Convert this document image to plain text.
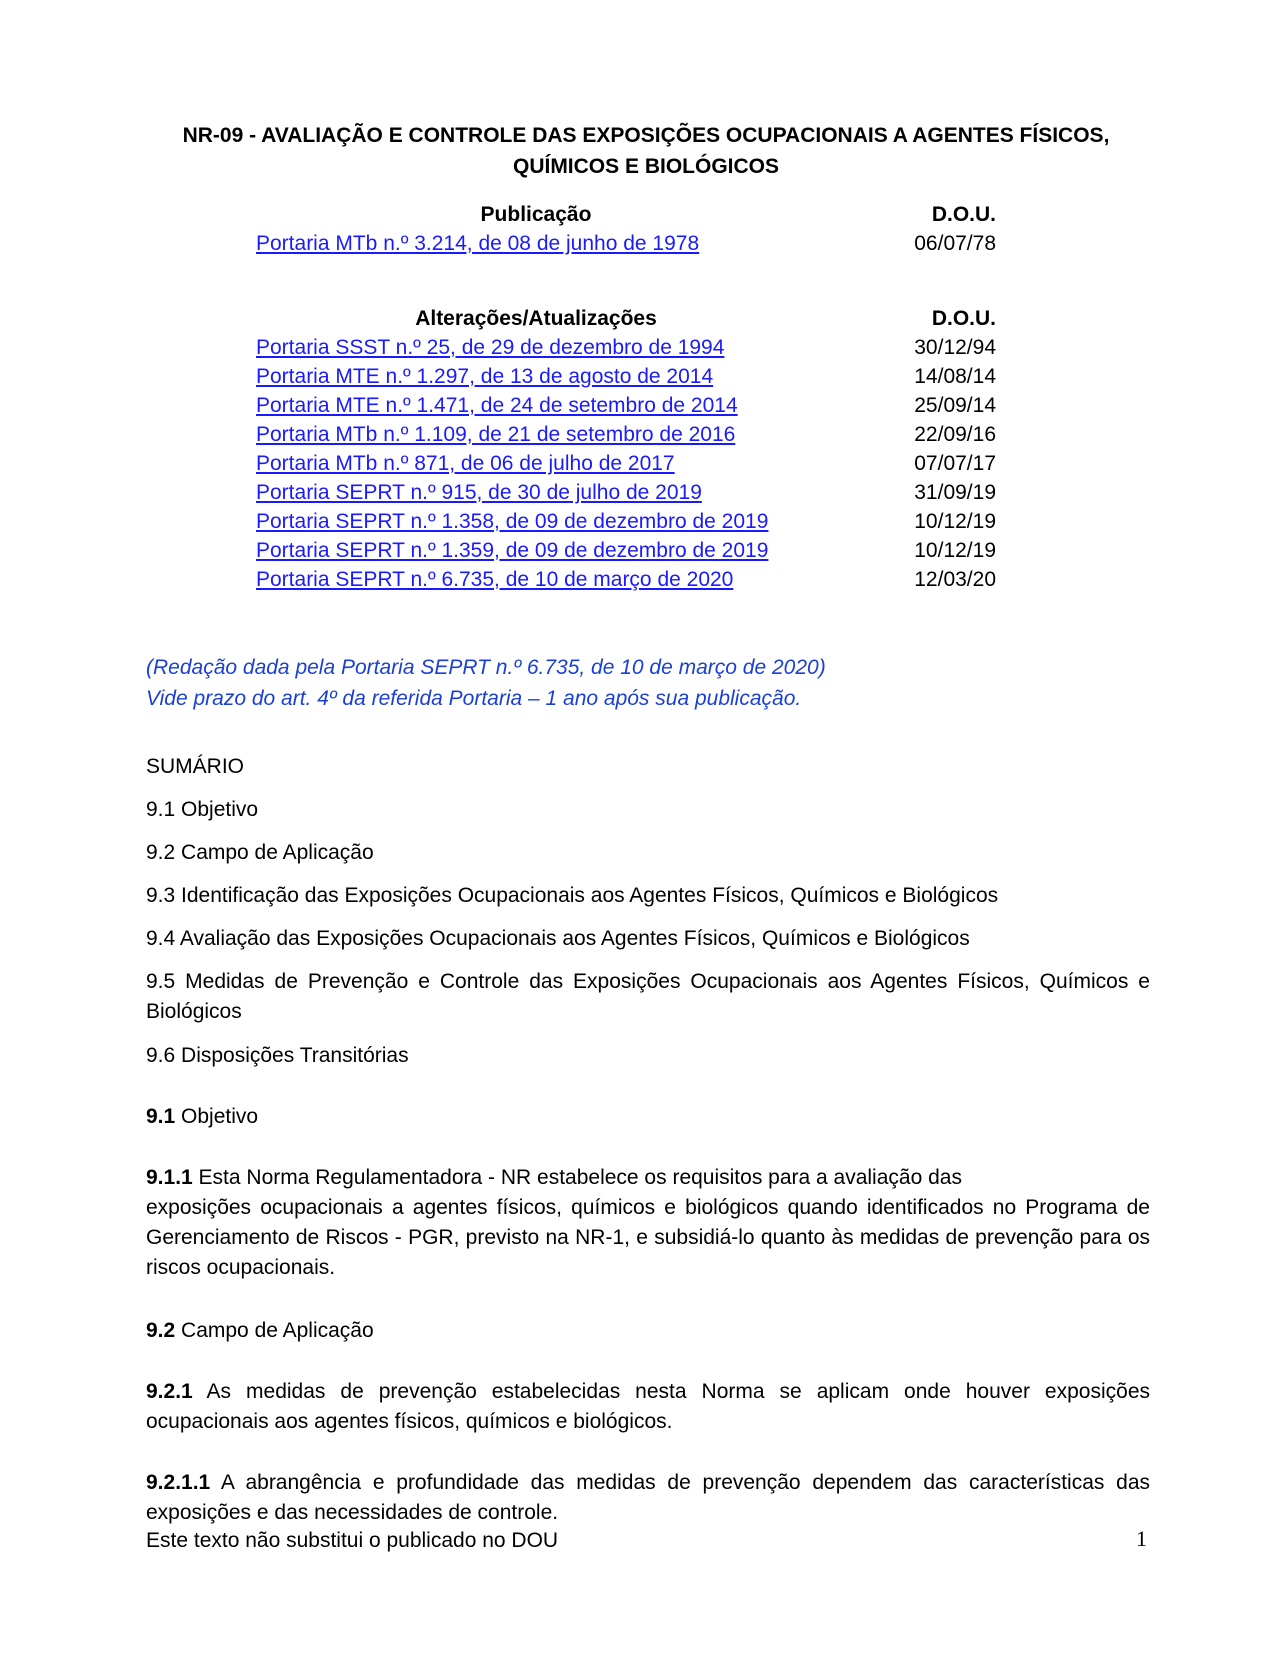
NR-09 - AVALIAÇÃO E CONTROLE DAS EXPOSIÇÕES OCUPACIONAIS A AGENTES FÍSICOS,
QUÍMICOS E BIOLÓGICOS
Publicação	D.O.U.
Portaria MTb n.º 3.214, de 08 de junho de 1978	06/07/78
Alterações/Atualizações	D.O.U.
Portaria SSST n.º 25, de 29 de dezembro de 1994	30/12/94
Portaria MTE n.º 1.297, de 13 de agosto de 2014	14/08/14
Portaria MTE n.º 1.471, de 24 de setembro de 2014	25/09/14
Portaria MTb n.º 1.109, de 21 de setembro de 2016	22/09/16
Portaria MTb n.º 871, de 06 de julho de 2017	07/07/17
Portaria SEPRT n.º 915, de 30 de julho de 2019	31/09/19
Portaria SEPRT n.º 1.358, de 09 de dezembro de 2019	10/12/19
Portaria SEPRT n.º 1.359, de 09 de dezembro de 2019	10/12/19
Portaria SEPRT n.º 6.735, de 10 de março de 2020	12/03/20
(Redação dada pela Portaria SEPRT n.º 6.735, de 10 de março de 2020)
Vide prazo do art. 4º da referida Portaria – 1 ano após sua publicação.
SUMÁRIO
9.1 Objetivo
9.2 Campo de Aplicação
9.3 Identificação das Exposições Ocupacionais aos Agentes Físicos, Químicos e Biológicos
9.4 Avaliação das Exposições Ocupacionais aos Agentes Físicos, Químicos e Biológicos
9.5 Medidas de Prevenção e Controle das Exposições Ocupacionais aos Agentes Físicos, Químicos e Biológicos
9.6 Disposições Transitórias
9.1 Objetivo
9.1.1 Esta Norma Regulamentadora - NR estabelece os requisitos para a avaliação das
exposições ocupacionais a agentes físicos, químicos e biológicos quando identificados no Programa de Gerenciamento de Riscos - PGR, previsto na NR-1, e subsidiá-lo quanto às medidas de prevenção para os riscos ocupacionais.
9.2 Campo de Aplicação
9.2.1 As medidas de prevenção estabelecidas nesta Norma se aplicam onde houver exposições ocupacionais aos agentes físicos, químicos e biológicos.
9.2.1.1 A abrangência e profundidade das medidas de prevenção dependem das características das exposições e das necessidades de controle.
Este texto não substitui o publicado no DOU	1
